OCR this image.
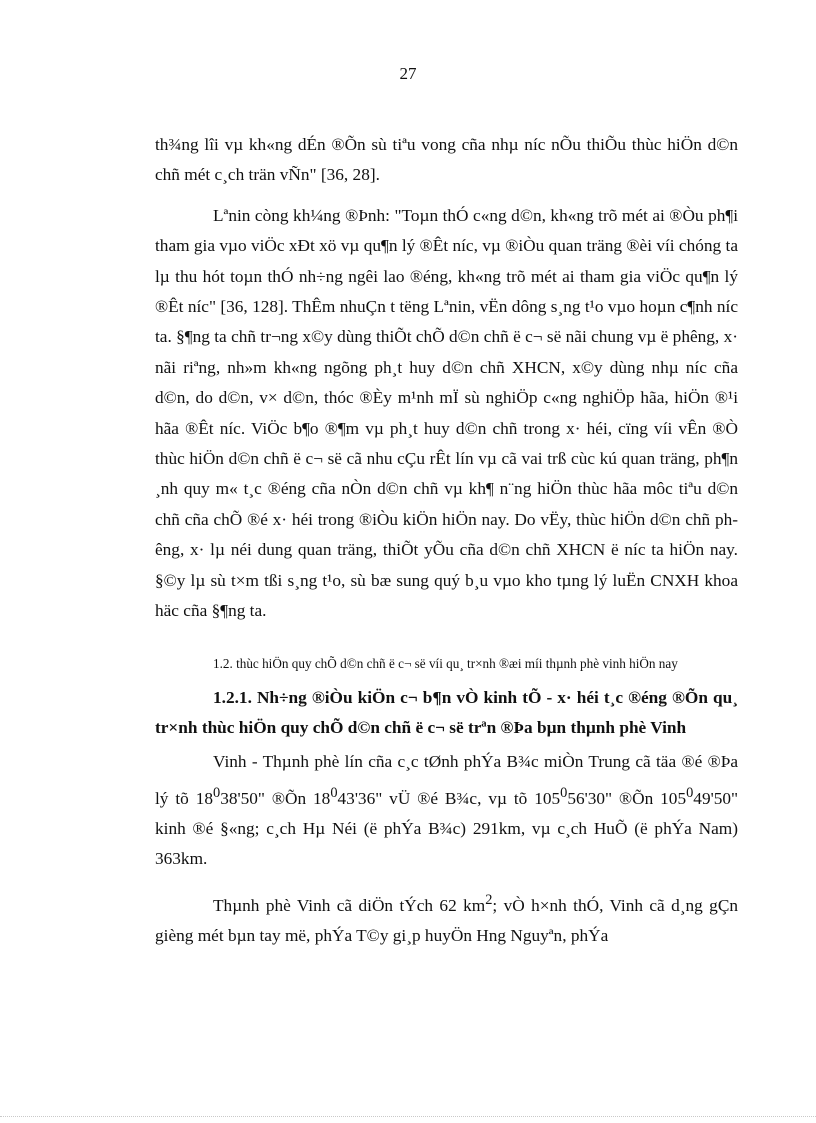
27

th¾ng lîi vµ kh«ng dÉn ®Õn sù tiªu vong cña nhµ níc nÕu thiÕu thùc hiÖn d©n chñ mét c¸ch trän vÑn" [36, 28].

Lªnin còng kh¼ng ®Þnh: "Toµn thÓ c«ng d©n, kh«ng trõ mét ai ®Òu ph¶i tham gia vµo viÖc xÐt xö vµ qu¶n lý ®Êt níc, vµ ®iÒu quan träng ®èi víi chóng ta lµ thu hót toµn thÓ nh÷ng ngêi lao ®éng, kh«ng trõ mét ai tham gia viÖc qu¶n lý ®Êt níc" [36, 128]. ThÊm nhuÇn t tëng Lªnin, vËn dông s¸ng t¹o vµo hoµn c¶nh níc ta. §¶ng ta chñ tr¬ng x©y dùng thiÕt chÕ d©n chñ ë c¬ së nãi chung vµ ë phêng, x· nãi riªng, nh»m kh«ng ngõng ph¸t huy d©n chñ XHCN, x©y dùng nhµ níc cña d©n, do d©n, v× d©n, thóc ®Èy m¹nh mÏ sù nghiÖp c«ng nghiÖp hãa, hiÖn ®¹i hãa ®Êt níc. ViÖc b¶o ®¶m vµ ph¸t huy d©n chñ trong x· héi, cïng víi vÊn ®Ò thùc hiÖn d©n chñ ë c¬ së cã nhu cÇu rÊt lín vµ cã vai trß cùc kú quan träng, ph¶n ¸nh quy m« t¸c ®éng cña nÒn d©n chñ vµ kh¶ n¨ng hiÖn thùc hãa môc tiªu d©n chñ cña chÕ ®é x· héi trong ®iÒu kiÖn hiÖn nay. Do vËy, thùc hiÖn d©n chñ phêng, x· lµ néi dung quan träng, thiÕt yÕu cña d©n chñ XHCN ë níc ta hiÖn nay. §©y lµ sù t×m tßi s¸ng t¹o, sù bæ sung quý b¸u vµo kho tµng lý luËn CNXH khoa häc cña §¶ng ta.

1.2. thùc hiÖn quy chÕ d©n chñ ë c¬ së víi qu¸ tr×nh ®æi míi thµnh phè vinh hiÖn nay

1.2.1. Nh÷ng ®iÒu kiÖn c¬ b¶n vÒ kinh tÕ - x· héi t¸c ®éng ®Õn qu¸ tr×nh thùc hiÖn quy chÕ d©n chñ ë c¬ së trªn ®Þa bµn thµnh phè Vinh

Vinh - Thµnh phè lín cña c¸c tØnh phÝa B¾c miÒn Trung cã täa ®é ®Þa lý tõ $18^038'50$" ®Õn $18^043'36$" vÜ ®é B¾c, vµ tõ $105^056'30$" ®Õn $105^049'50$" kinh ®é §«ng; c¸ch Hµ Néi (ë phÝa B¾c) 291km, vµ c¸ch HuÕ (ë phÝa Nam) 363km.

Thµnh phè Vinh cã diÖn tÝch 62 $km^2$; vÒ h×nh thÓ, Vinh cã d¸ng gÇn gièng mét bµn tay më, phÝa T©y gi¸p huyÖn Hng Nguyªn, phÝa
